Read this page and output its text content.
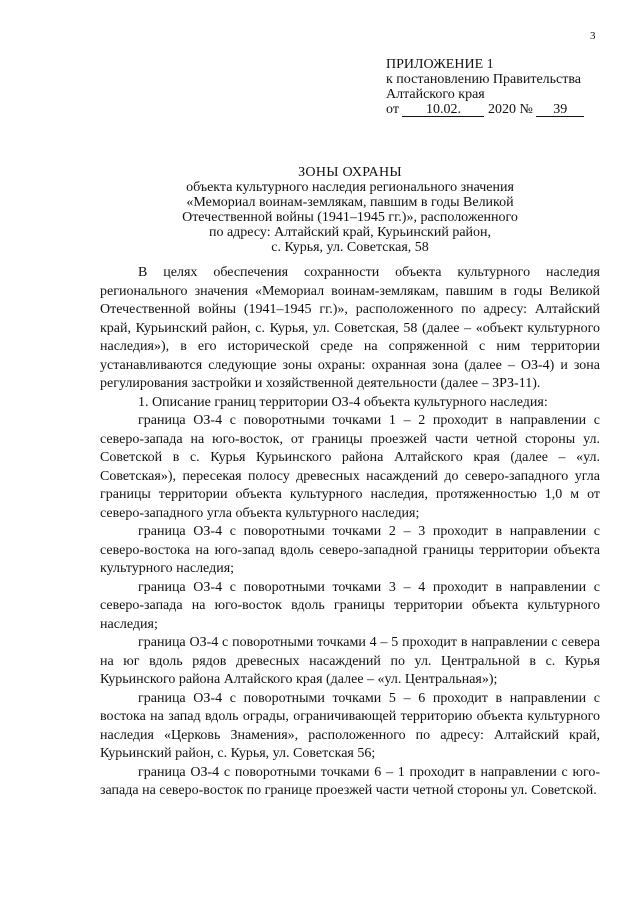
3
ПРИЛОЖЕНИЕ 1
к постановлению Правительства
Алтайского края
от 10.02. 2020 № 39
ЗОНЫ ОХРАНЫ
объекта культурного наследия регионального значения
«Мемориал воинам-землякам, павшим в годы Великой
Отечественной войны (1941–1945 гг.)», расположенного
по адресу: Алтайский край, Курьинский район,
с. Курья, ул. Советская, 58

В целях обеспечения сохранности объекта культурного наследия регионального значения «Мемориал воинам-землякам, павшим в годы Великой Отечественной войны (1941–1945 гг.)», расположенного по адресу: Алтайский край, Курьинский район, с. Курья, ул. Советская, 58 (далее – «объект культурного наследия»), в его исторической среде на сопряженной с ним территории устанавливаются следующие зоны охраны: охранная зона (далее – ОЗ-4) и зона регулирования застройки и хозяйственной деятельности (далее – ЗРЗ-11).

1. Описание границ территории ОЗ-4 объекта культурного наследия:

граница ОЗ-4 с поворотными точками 1 – 2 проходит в направлении с северо-запада на юго-восток, от границы проезжей части четной стороны ул. Советской в с. Курья Курьинского района Алтайского края (далее – «ул. Советская»), пересекая полосу древесных насаждений до северо-западного угла границы территории объекта культурного наследия, протяженностью 1,0 м от северо-западного угла объекта культурного наследия;

граница ОЗ-4 с поворотными точками 2 – 3 проходит в направлении с северо-востока на юго-запад вдоль северо-западной границы территории объекта культурного наследия;

граница ОЗ-4 с поворотными точками 3 – 4 проходит в направлении с северо-запада на юго-восток вдоль границы территории объекта культурного наследия;

граница ОЗ-4 с поворотными точками 4 – 5 проходит в направлении с севера на юг вдоль рядов древесных насаждений по ул. Центральной в с. Курья Курьинского района Алтайского края (далее – «ул. Центральная»);

граница ОЗ-4 с поворотными точками 5 – 6 проходит в направлении с востока на запад вдоль ограды, ограничивающей территорию объекта культурного наследия «Церковь Знамения», расположенного по адресу: Алтайский край, Курьинский район, с. Курья, ул. Советская 56;

граница ОЗ-4 с поворотными точками 6 – 1 проходит в направлении с юго-запада на северо-восток по границе проезжей части четной стороны ул. Советской.
